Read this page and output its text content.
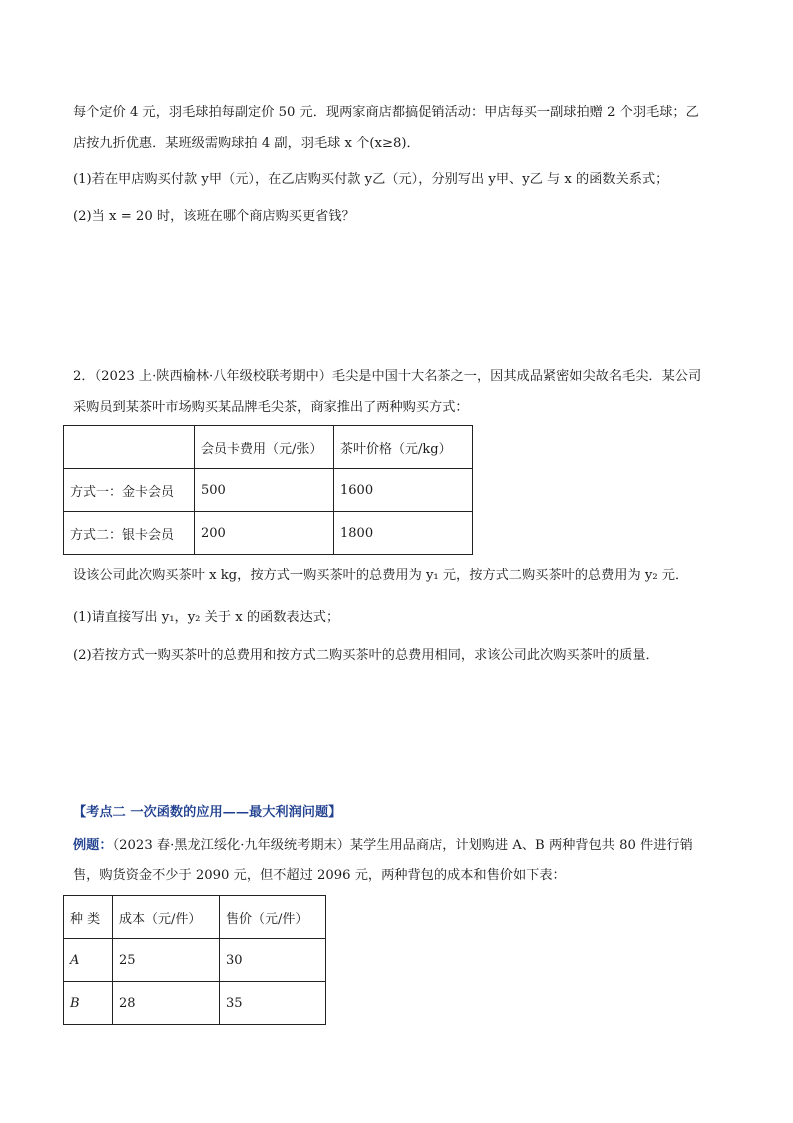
每个定价 4 元，羽毛球拍每副定价 50 元．现两家商店都搞促销活动：甲店每买一副球拍赠 2 个羽毛球；乙
店按九折优惠．某班级需购球拍 4 副，羽毛球 x 个(x≥8)．
(1)若在甲店购买付款 y甲（元），在乙店购买付款 y乙（元），分别写出 y甲、y乙 与 x 的函数关系式；
(2)当 x = 20 时，该班在哪个商店购买更省钱？
2．（2023 上·陕西榆林·八年级校联考期中）毛尖是中国十大名茶之一，因其成品紧密如尖故名毛尖．某公司
采购员到某茶叶市场购买某品牌毛尖茶，商家推出了两种购买方式：
	会员卡费用（元/张）	茶叶价格（元/kg）
方式一：金卡会员	500	1600
方式二：银卡会员	200	1800
设该公司此次购买茶叶 x kg，按方式一购买茶叶的总费用为 y₁ 元，按方式二购买茶叶的总费用为 y₂ 元．
(1)请直接写出 y₁，y₂ 关于 x 的函数表达式；
(2)若按方式一购买茶叶的总费用和按方式二购买茶叶的总费用相同，求该公司此次购买茶叶的质量．
【考点二 一次函数的应用——最大利润问题】
例题：（2023 春·黑龙江绥化·九年级统考期末）某学生用品商店，计划购进 A、B 两种背包共 80 件进行销
售，购货资金不少于 2090 元，但不超过 2096 元，两种背包的成本和售价如下表：
种 类	成本（元/件）	售价（元/件）
A	25	30
B	28	35
